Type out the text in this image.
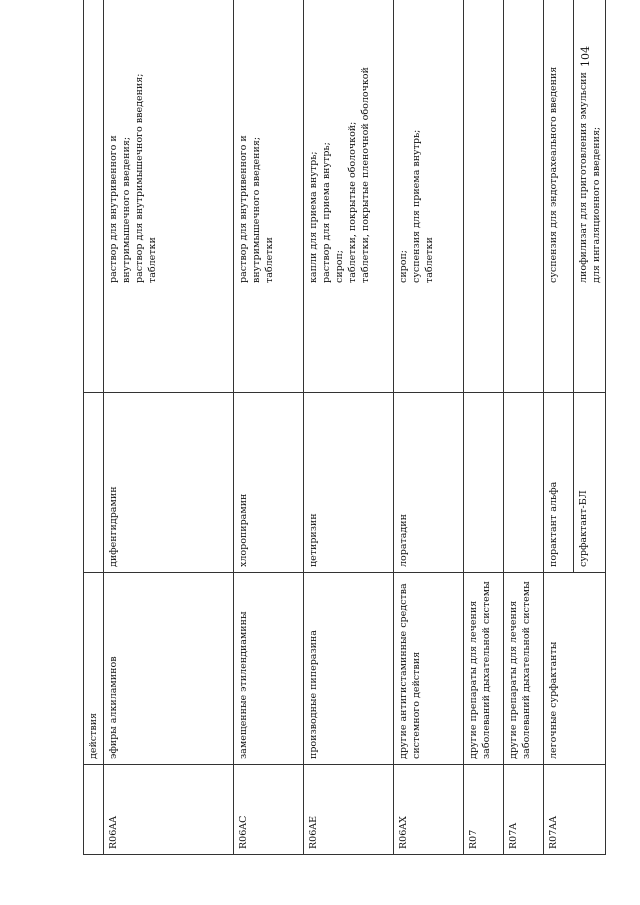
104
	действия			
R06AA	эфиры алкиламинов	дифенгидрамин		раствор для внутривенного и внутримышечного введения; раствор для внутримышечного введения; таблетки

R06AC	замещенные этилендиамины	хлоропирамин		раствор для внутривенного и внутримышечного введения; таблетки

R06AE	производные пиперазина	цетиризин		капли для приема внутрь; раствор для приема внутрь; сироп; таблетки, покрытые оболочкой; таблетки, покрытые пленочной оболочкой

R06AX	другие антигистаминные средства системного действия	лоратадин		сироп; суспензия для приема внутрь; таблетки

R07	другие препараты для лечения заболеваний дыхательной системы			

R07A	другие препараты для лечения заболеваний дыхательной системы			

R07AA	легочные сурфактанты	порактант альфа		суспензия для эндотрахеального введения

		сурфактант-БЛ		лиофилизат для приготовления эмульсии для ингаляционного введения;
